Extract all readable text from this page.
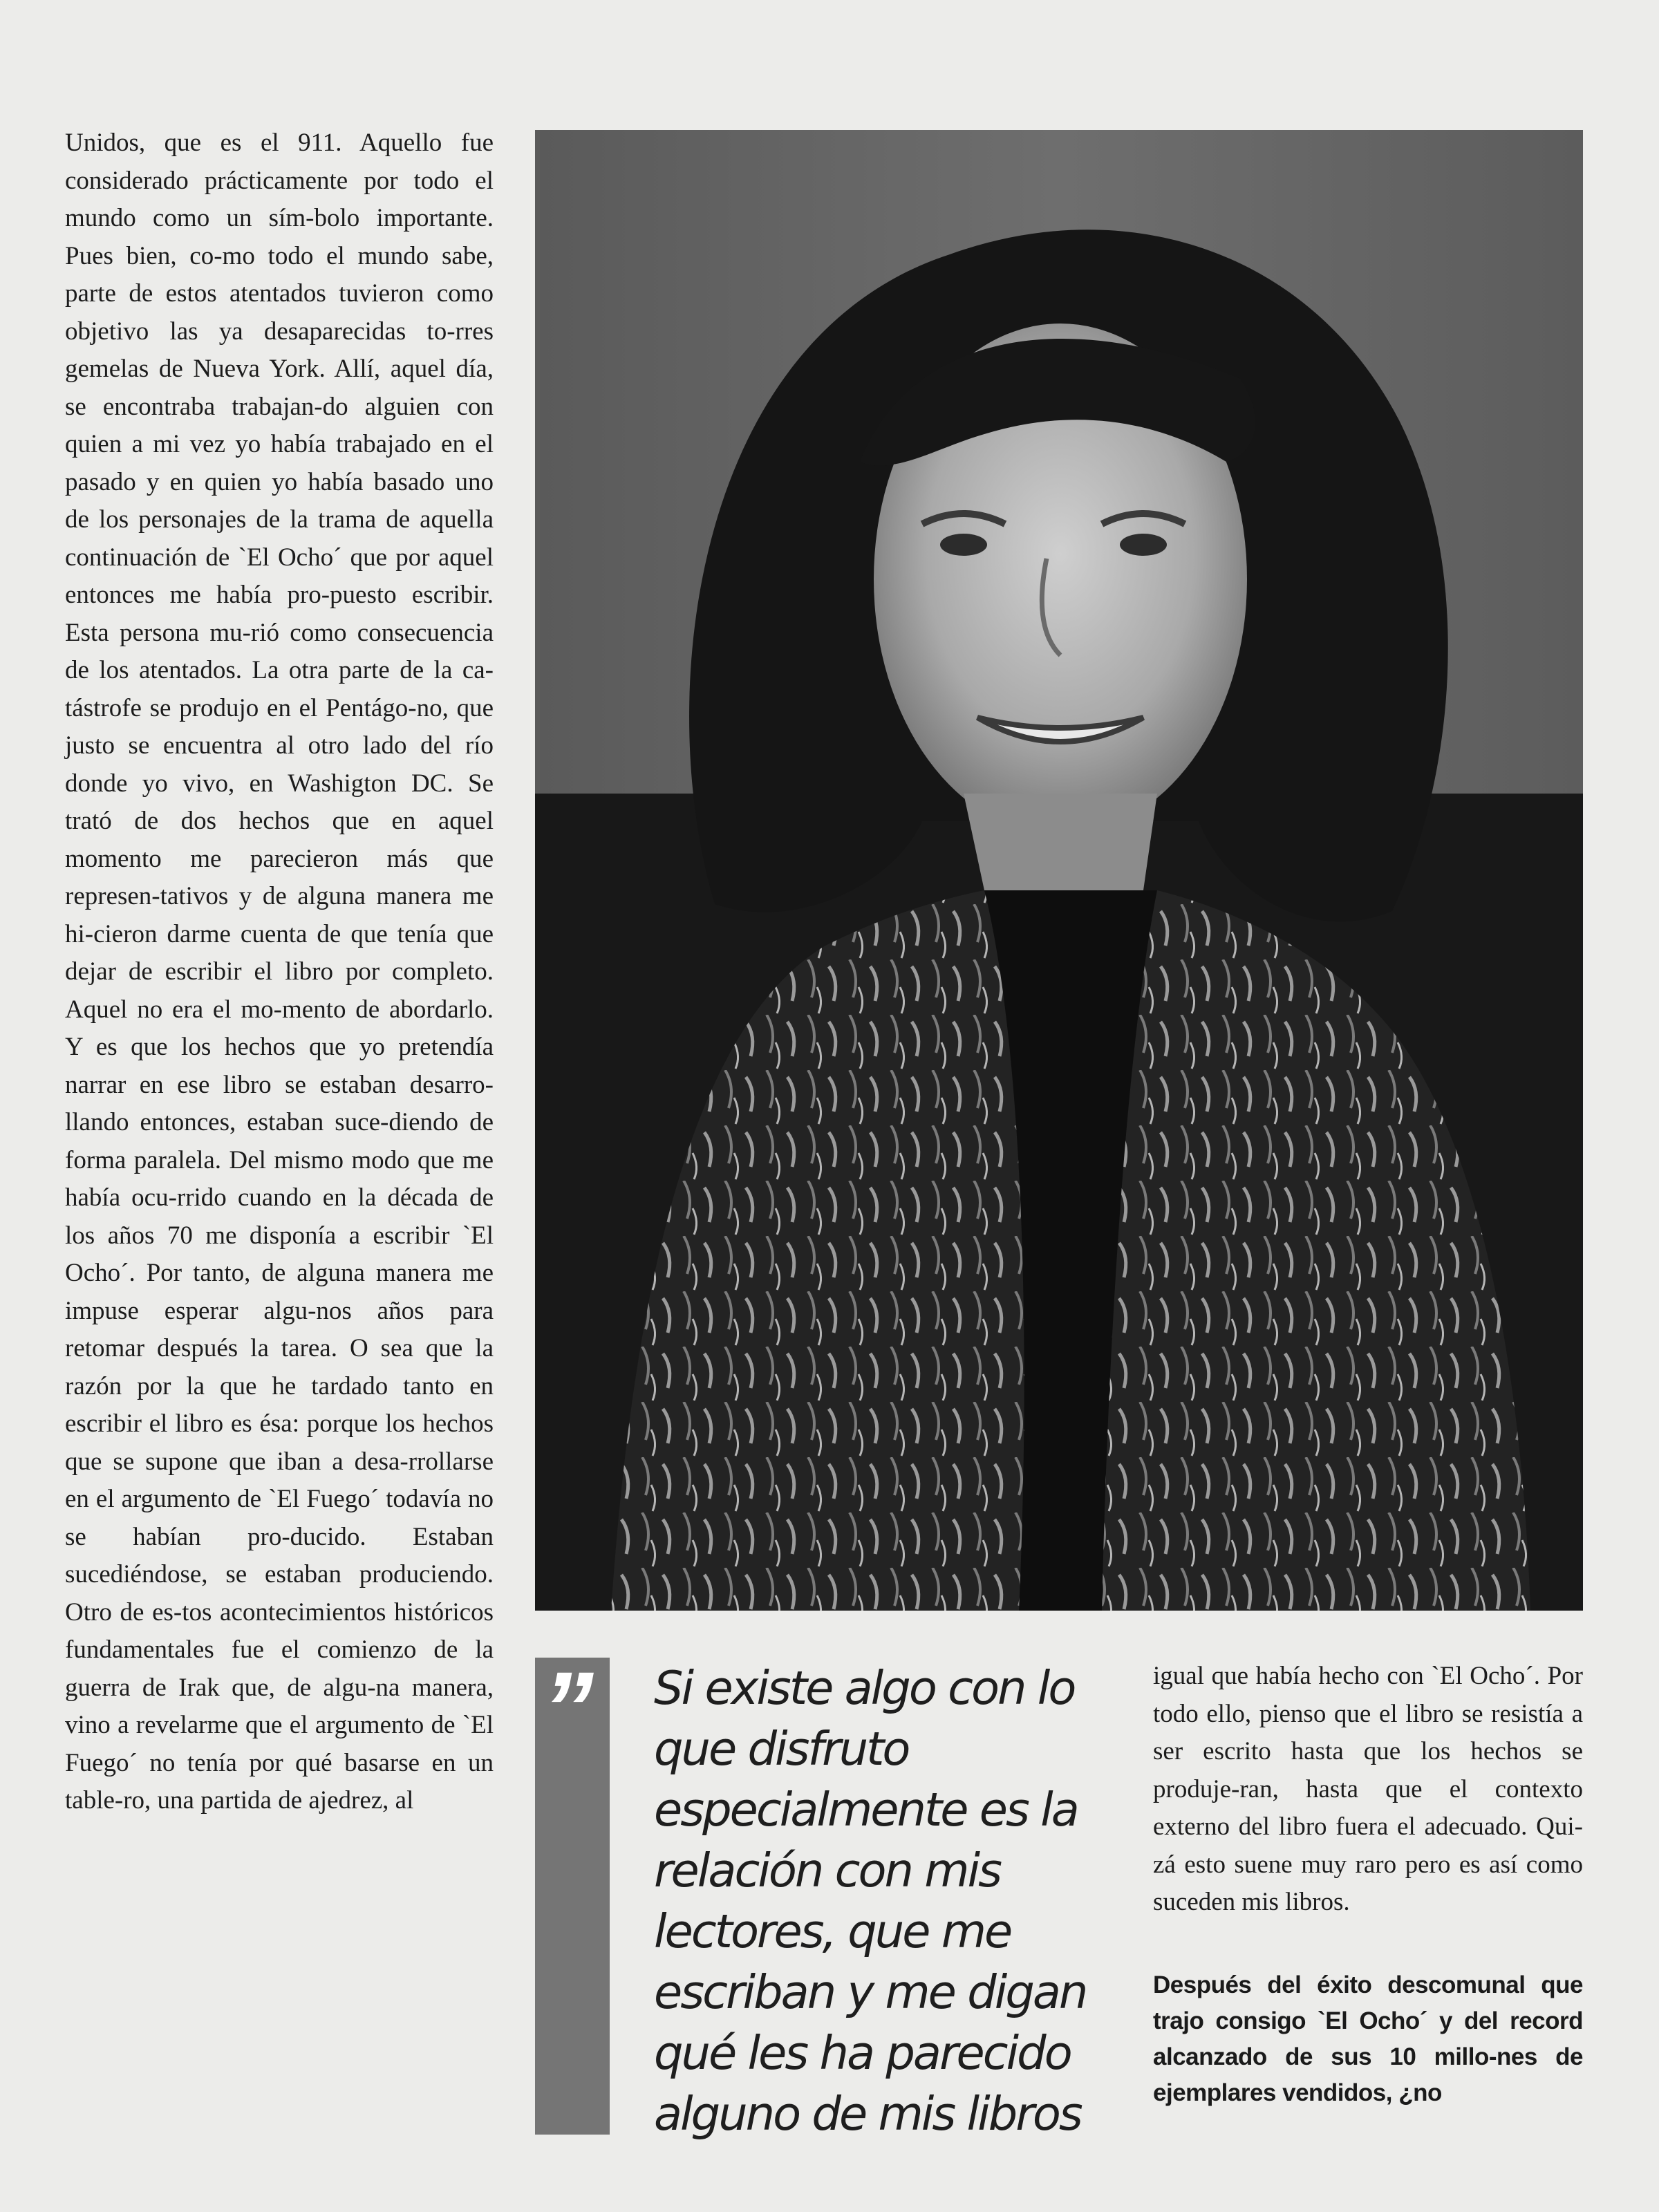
Unidos, que es el 911. Aquello fue considerado prácticamente por todo el mundo como un sím-bolo importante. Pues bien, co-mo todo el mundo sabe, parte de estos atentados tuvieron como objetivo las ya desaparecidas to-rres gemelas de Nueva York. Allí, aquel día, se encontraba trabajan-do alguien con quien a mi vez yo había trabajado en el pasado y en quien yo había basado uno de los personajes de la trama de aquella continuación de `El Ocho´ que por aquel entonces me había pro-puesto escribir. Esta persona mu-rió como consecuencia de los atentados. La otra parte de la ca-tástrofe se produjo en el Pentágo-no, que justo se encuentra al otro lado del río donde yo vivo, en Washigton DC. Se trató de dos hechos que en aquel momento me parecieron más que represen-tativos y de alguna manera me hi-cieron darme cuenta de que tenía que dejar de escribir el libro por completo. Aquel no era el mo-mento de abordarlo. Y es que los hechos que yo pretendía narrar en ese libro se estaban desarro-llando entonces, estaban suce-diendo de forma paralela. Del mismo modo que me había ocu-rrido cuando en la década de los años 70 me disponía a escribir `El Ocho´. Por tanto, de alguna manera me impuse esperar algu-nos años para retomar después la tarea. O sea que la razón por la que he tardado tanto en escribir el libro es ésa: porque los hechos que se supone que iban a desa-rrollarse en el argumento de `El Fuego´ todavía no se habían pro-ducido. Estaban sucediéndose, se estaban produciendo. Otro de es-tos acontecimientos históricos fundamentales fue el comienzo de la guerra de Irak que, de algu-na manera, vino a revelarme que el argumento de `El Fuego´ no tenía por qué basarse en un table-ro, una partida de ajedrez, al

”	Si existe algo con lo que disfruto especialmente es la relación con mis lectores, que me escriban y me digan qué les ha parecido alguno de mis libros

igual que había hecho con `El Ocho´. Por todo ello, pienso que el libro se resistía a ser escrito hasta que los hechos se produje-ran, hasta que el contexto externo del libro fuera el adecuado. Qui-zá esto suene muy raro pero es así como suceden mis libros.

Después del éxito descomunal que trajo consigo `El Ocho´ y del record alcanzado de sus 10 millo-nes de ejemplares vendidos, ¿no
